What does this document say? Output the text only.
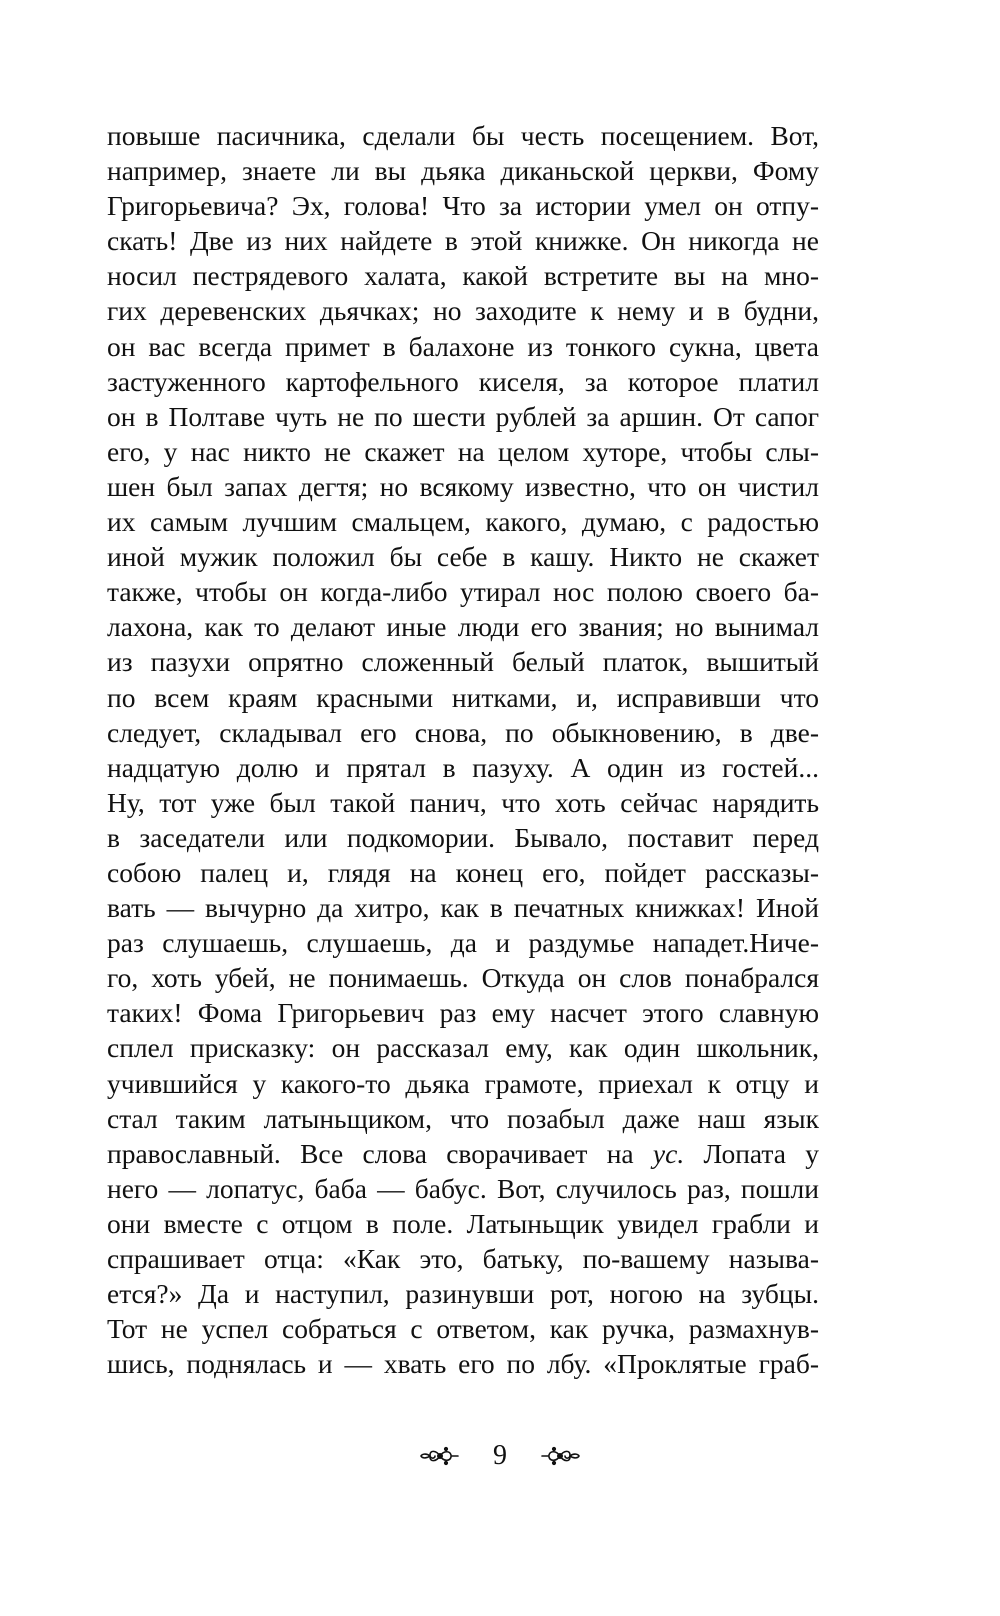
повыше пасичника, сделали бы честь посещением. Вот,
например, знаете ли вы дьяка диканьской церкви, Фому
Григорьевича? Эх, голова! Что за истории умел он отпу-
скать! Две из них найдете в этой книжке. Он никогда не
носил пестрядевого халата, какой встретите вы на мно-
гих деревенских дьячках; но заходите к нему и в будни,
он вас всегда примет в балахоне из тонкого сукна, цвета
застуженного картофельного киселя, за которое платил
он в Полтаве чуть не по шести рублей за аршин. От сапог
его, у нас никто не скажет на целом хуторе, чтобы слы-
шен был запах дегтя; но всякому известно, что он чистил
их самым лучшим смальцем, какого, думаю, с радостью
иной мужик положил бы себе в кашу. Никто не скажет
также, чтобы он когда-либо утирал нос полою своего ба-
лахона, как то делают иные люди его звания; но вынимал
из пазухи опрятно сложенный белый платок, вышитый
по всем краям красными нитками, и, исправивши что
следует, складывал его снова, по обыкновению, в две-
надцатую долю и прятал в пазуху. А один из гостей...
Ну, тот уже был такой панич, что хоть сейчас нарядить
в заседатели или подкомории. Бывало, поставит перед
собою палец и, глядя на конец его, пойдет рассказы-
вать — вычурно да хитро, как в печатных книжках! Иной
раз слушаешь, слушаешь, да и раздумье нападет.Ниче-
го, хоть убей, не понимаешь. Откуда он слов понабрался
таких! Фома Григорьевич раз ему насчет этого славную
сплел присказку: он рассказал ему, как один школьник,
учившийся у какого-то дьяка грамоте, приехал к отцу и
стал таким латыньщиком, что позабыл даже наш язык
православный. Все слова сворачивает на ус. Лопата у
него — лопатус, баба — бабус. Вот, случилось раз, пошли
они вместе с отцом в поле. Латыньщик увидел грабли и
спрашивает отца: «Как это, батьку, по-вашему называ-
ется?» Да и наступил, разинувши рот, ногою на зубцы.
Тот не успел собраться с ответом, как ручка, размахнув-
шись, поднялась и — хвать его по лбу. «Проклятые граб-
9
